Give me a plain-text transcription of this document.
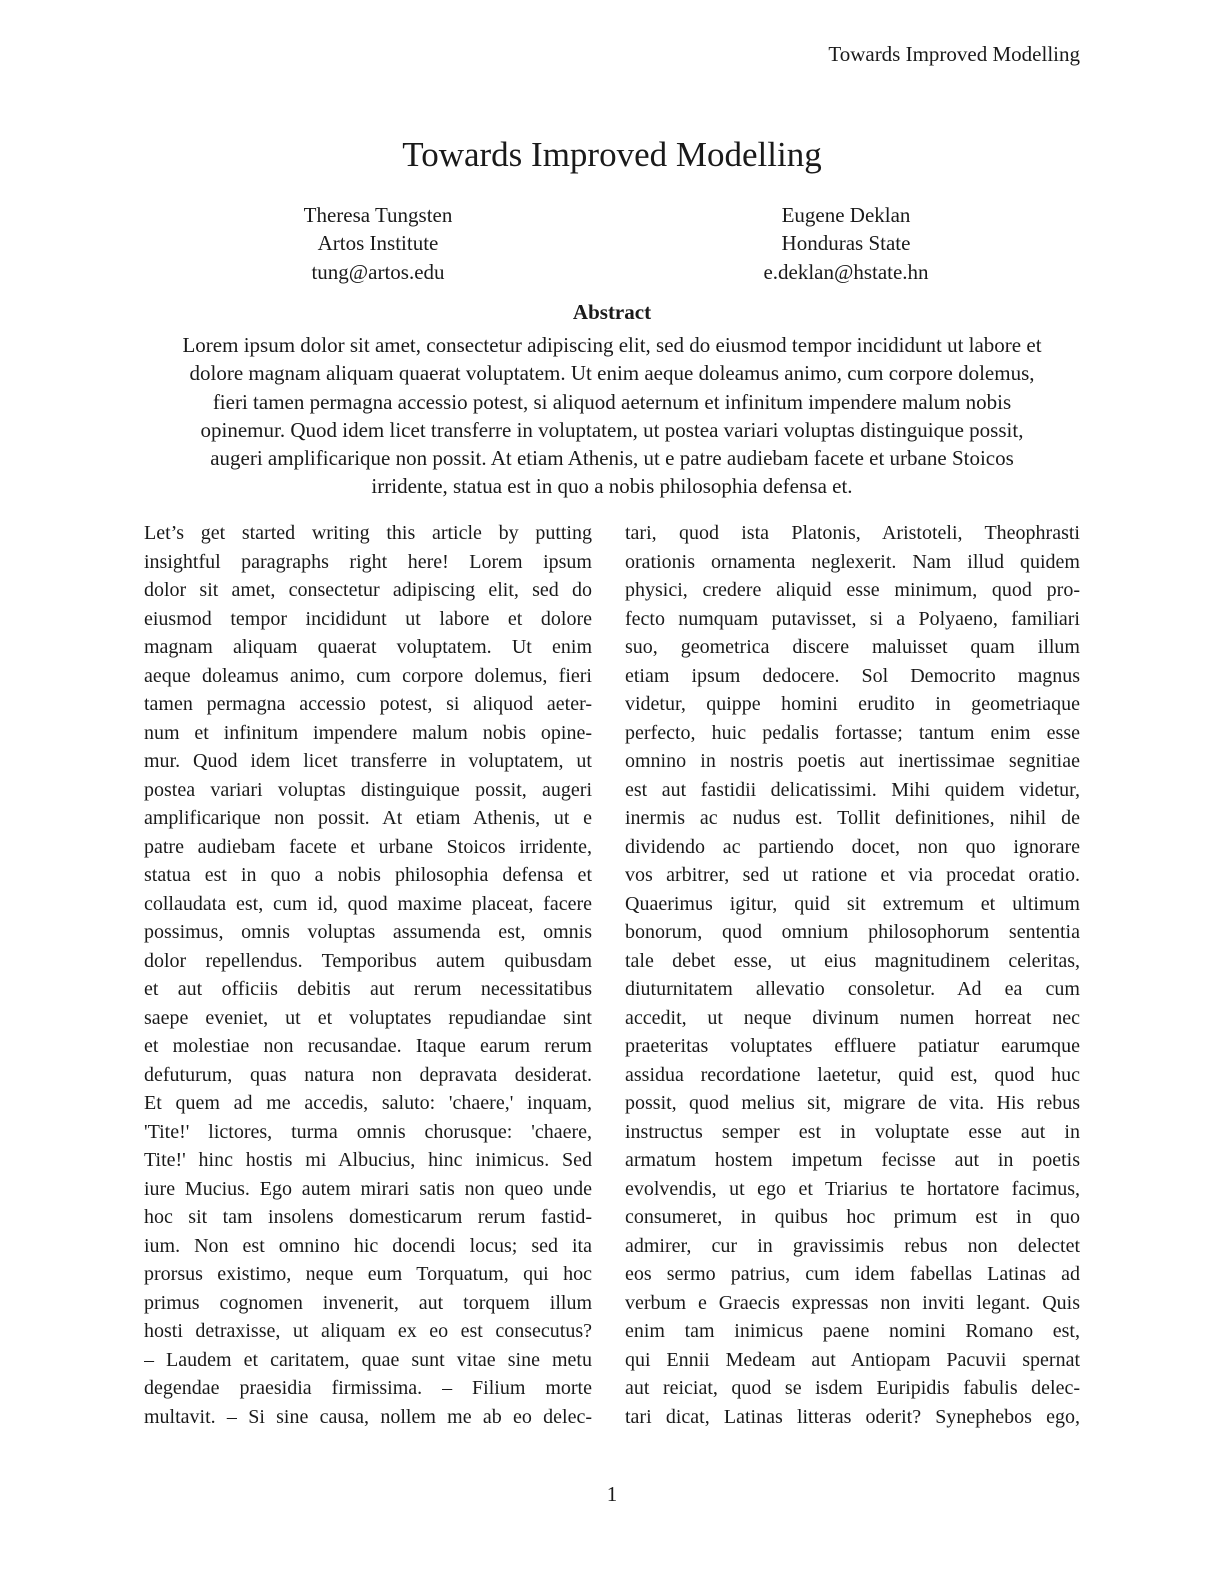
Towards Improved Modelling
Towards Improved Modelling
Theresa Tungsten
Artos Institute
tung@artos.edu
Eugene Deklan
Honduras State
e.deklan@hstate.hn
Abstract
Lorem ipsum dolor sit amet, consectetur adipiscing elit, sed do eiusmod tempor incididunt ut labore et
dolore magnam aliquam quaerat voluptatem. Ut enim aeque doleamus animo, cum corpore dolemus,
fieri tamen permagna accessio potest, si aliquod aeternum et infinitum impendere malum nobis
opinemur. Quod idem licet transferre in voluptatem, ut postea variari voluptas distinguique possit,
augeri amplificarique non possit. At etiam Athenis, ut e patre audiebam facete et urbane Stoicos
irridente, statua est in quo a nobis philosophia defensa et.
Let’s get started writing this article by putting
insightful paragraphs right here! Lorem ipsum
dolor sit amet, consectetur adipiscing elit, sed do
eiusmod tempor incididunt ut labore et dolore
magnam aliquam quaerat voluptatem. Ut enim
aeque doleamus animo, cum corpore dolemus, fieri
tamen permagna accessio potest, si aliquod aeter-
num et infinitum impendere malum nobis opine-
mur. Quod idem licet transferre in voluptatem, ut
postea variari voluptas distinguique possit, augeri
amplificarique non possit. At etiam Athenis, ut e
patre audiebam facete et urbane Stoicos irridente,
statua est in quo a nobis philosophia defensa et
collaudata est, cum id, quod maxime placeat, facere
possimus, omnis voluptas assumenda est, omnis
dolor repellendus. Temporibus autem quibusdam
et aut officiis debitis aut rerum necessitatibus
saepe eveniet, ut et voluptates repudiandae sint
et molestiae non recusandae. Itaque earum rerum
defuturum, quas natura non depravata desiderat.
Et quem ad me accedis, saluto: 'chaere,' inquam,
'Tite!' lictores, turma omnis chorusque: 'chaere,
Tite!' hinc hostis mi Albucius, hinc inimicus. Sed
iure Mucius. Ego autem mirari satis non queo unde
hoc sit tam insolens domesticarum rerum fastid-
ium. Non est omnino hic docendi locus; sed ita
prorsus existimo, neque eum Torquatum, qui hoc
primus cognomen invenerit, aut torquem illum
hosti detraxisse, ut aliquam ex eo est consecutus?
– Laudem et caritatem, quae sunt vitae sine metu
degendae praesidia firmissima. – Filium morte
multavit. – Si sine causa, nollem me ab eo delec-
tari, quod ista Platonis, Aristoteli, Theophrasti
orationis ornamenta neglexerit. Nam illud quidem
physici, credere aliquid esse minimum, quod pro-
fecto numquam putavisset, si a Polyaeno, familiari
suo, geometrica discere maluisset quam illum
etiam ipsum dedocere. Sol Democrito magnus
videtur, quippe homini erudito in geometriaque
perfecto, huic pedalis fortasse; tantum enim esse
omnino in nostris poetis aut inertissimae segnitiae
est aut fastidii delicatissimi. Mihi quidem videtur,
inermis ac nudus est. Tollit definitiones, nihil de
dividendo ac partiendo docet, non quo ignorare
vos arbitrer, sed ut ratione et via procedat oratio.
Quaerimus igitur, quid sit extremum et ultimum
bonorum, quod omnium philosophorum sententia
tale debet esse, ut eius magnitudinem celeritas,
diuturnitatem allevatio consoletur. Ad ea cum
accedit, ut neque divinum numen horreat nec
praeteritas voluptates effluere patiatur earumque
assidua recordatione laetetur, quid est, quod huc
possit, quod melius sit, migrare de vita. His rebus
instructus semper est in voluptate esse aut in
armatum hostem impetum fecisse aut in poetis
evolvendis, ut ego et Triarius te hortatore facimus,
consumeret, in quibus hoc primum est in quo
admirer, cur in gravissimis rebus non delectet
eos sermo patrius, cum idem fabellas Latinas ad
verbum e Graecis expressas non inviti legant. Quis
enim tam inimicus paene nomini Romano est,
qui Ennii Medeam aut Antiopam Pacuvii spernat
aut reiciat, quod se isdem Euripidis fabulis delec-
tari dicat, Latinas litteras oderit? Synephebos ego,
1
